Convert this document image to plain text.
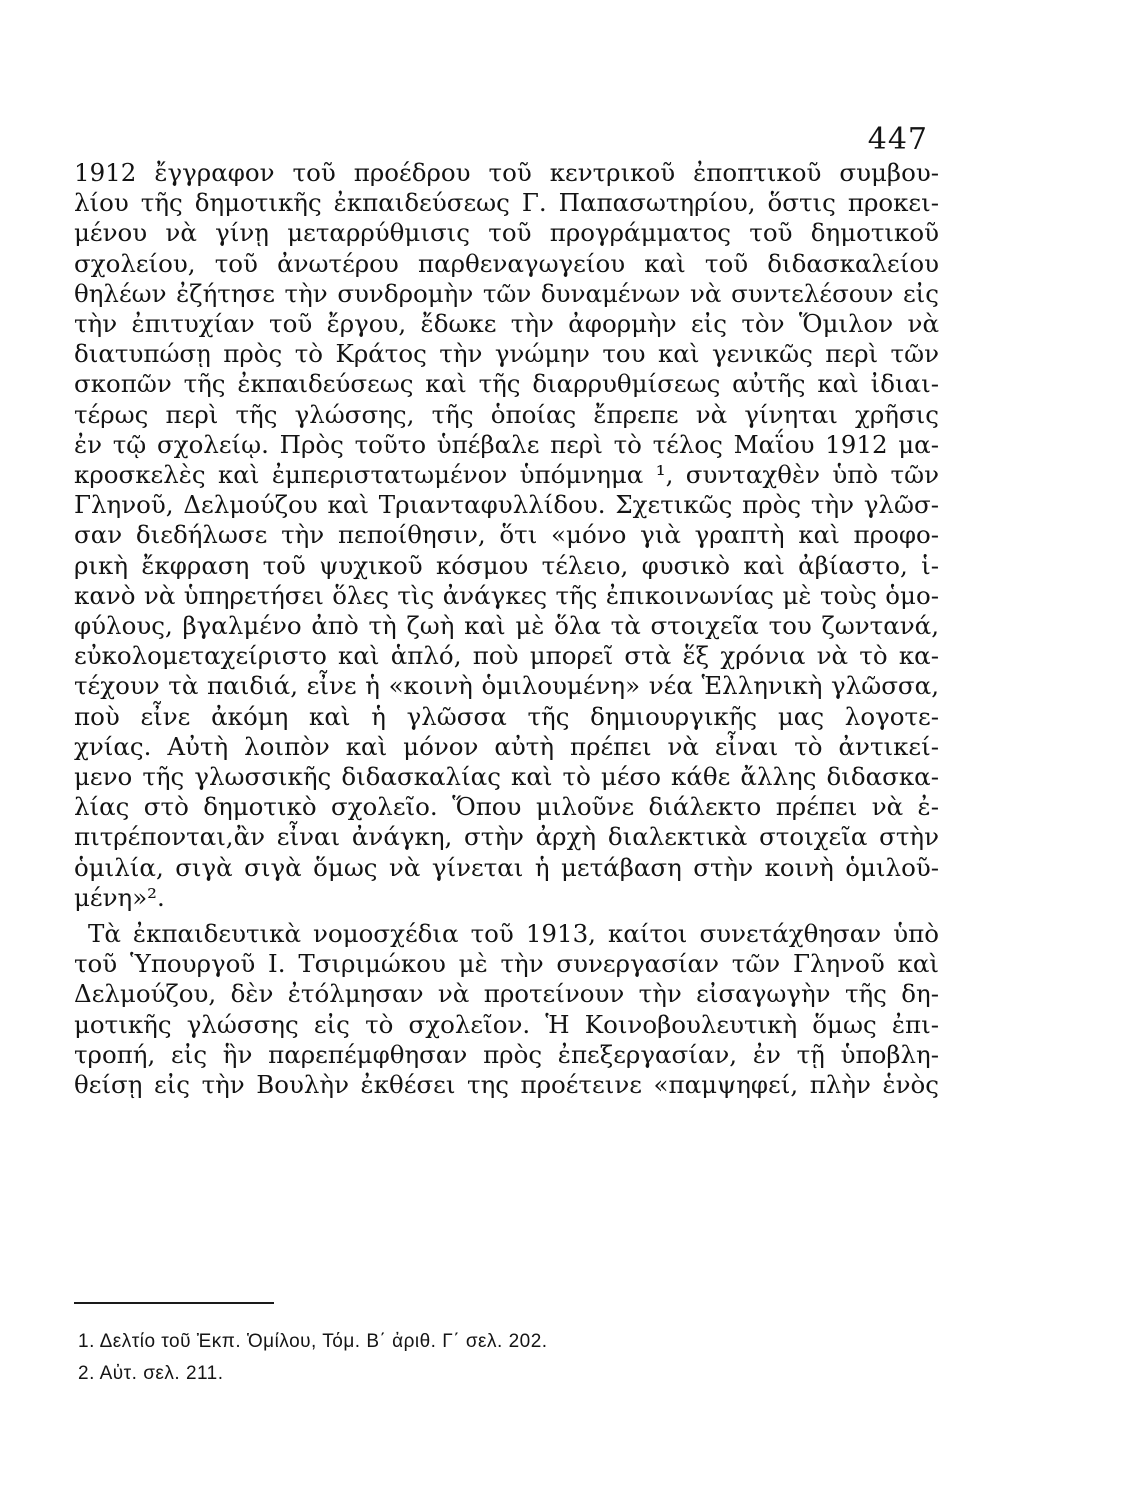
447
1912 ἔγγραφον τοῦ προέδρου τοῦ κεντρικοῦ ἐποπτικοῦ συμβου-
λίου τῆς δημοτικῆς ἐκπαιδεύσεως Γ. Παπασωτηρίου, ὅστις προκει-
μένου νὰ γίνῃ μεταρρύθμισις τοῦ προγράμματος τοῦ δημοτικοῦ
σχολείου, τοῦ ἀνωτέρου παρθεναγωγείου καὶ τοῦ διδασκαλείου
θηλέων ἐζήτησε τὴν συνδρομὴν τῶν δυναμένων νὰ συντελέσουν εἰς
τὴν ἐπιτυχίαν τοῦ ἔργου, ἔδωκε τὴν ἀφορμὴν εἰς τὸν Ὅμιλον νὰ
διατυπώσῃ πρὸς τὸ Κράτος τὴν γνώμην του καὶ γενικῶς περὶ τῶν
σκοπῶν τῆς ἐκπαιδεύσεως καὶ τῆς διαρρυθμίσεως αὐτῆς καὶ ἰδιαι-
τέρως περὶ τῆς γλώσσης, τῆς ὁποίας ἔπρεπε νὰ γίνηται χρῆσις
ἐν τῷ σχολείῳ. Πρὸς τοῦτο ὑπέβαλε περὶ τὸ τέλος Μαΐου 1912 μα-
κροσκελὲς καὶ ἐμπεριστατωμένον ὑπόμνημα ¹, συνταχθὲν ὑπὸ τῶν
Γληνοῦ, Δελμούζου καὶ Τριανταφυλλίδου. Σχετικῶς πρὸς τὴν γλῶσ-
σαν διεδήλωσε τὴν πεποίθησιν, ὅτι «μόνο γιὰ γραπτὴ καὶ προφο-
ρικὴ ἔκφραση τοῦ ψυχικοῦ κόσμου τέλειο, φυσικὸ καὶ ἀβίαστο, ἱ-
κανὸ νὰ ὑπηρετήσει ὅλες τὶς ἀνάγκες τῆς ἐπικοινωνίας μὲ τοὺς ὁμο-
φύλους, βγαλμένο ἀπὸ τὴ ζωὴ καὶ μὲ ὅλα τὰ στοιχεῖα του ζωντανά,
εὐκολομεταχείριστο καὶ ἁπλό, ποὺ μπορεῖ στὰ ἕξ χρόνια νὰ τὸ κα-
τέχουν τὰ παιδιά, εἶνε ἡ «κοινὴ ὁμιλουμένη» νέα Ἑλληνικὴ γλῶσσα,
ποὺ εἶνε ἀκόμη καὶ ἡ γλῶσσα τῆς δημιουργικῆς μας λογοτε-
χνίας. Αὐτὴ λοιπὸν καὶ μόνον αὐτὴ πρέπει νὰ εἶναι τὸ ἀντικεί-
μενο τῆς γλωσσικῆς διδασκαλίας καὶ τὸ μέσο κάθε ἄλλης διδασκα-
λίας στὸ δημοτικὸ σχολεῖο. Ὅπου μιλοῦνε διάλεκτο πρέπει νὰ ἐ-
πιτρέπονται,ἂν εἶναι ἀνάγκη, στὴν ἀρχὴ διαλεκτικὰ στοιχεῖα στὴν
ὁμιλία, σιγὰ σιγὰ ὅμως νὰ γίνεται ἡ μετάβαση στὴν κοινὴ ὁμιλοῦ-
μένη»².
Τὰ ἐκπαιδευτικὰ νομοσχέδια τοῦ 1913, καίτοι συνετάχθησαν ὑπὸ
τοῦ Ὑπουργοῦ Ι. Τσιριμώκου μὲ τὴν συνεργασίαν τῶν Γληνοῦ καὶ
Δελμούζου, δὲν ἐτόλμησαν νὰ προτείνουν τὴν εἰσαγωγὴν τῆς δη-
μοτικῆς γλώσσης εἰς τὸ σχολεῖον. Ἡ Κοινοβουλευτικὴ ὅμως ἐπι-
τροπή, εἰς ἣν παρεπέμφθησαν πρὸς ἐπεξεργασίαν, ἐν τῇ ὑποβλη-
θείσῃ εἰς τὴν Βουλὴν ἐκθέσει της προέτεινε «παμψηφεί, πλὴν ἑνὸς
1. Δελτίο τοῦ Ἐκπ. Ὁμίλου, Τόμ. Β΄ ἀριθ. Γ΄ σελ. 202.
2. Αὐτ. σελ. 211.
